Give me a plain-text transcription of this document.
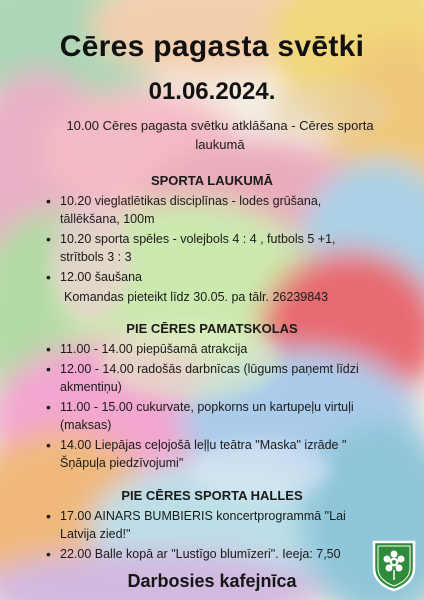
Cēres pagasta svētki
01.06.2024.
10.00 Cēres pagasta svētku atklāšana - Cēres sporta laukumā
SPORTA LAUKUMĀ
• 10.20 vieglatlētikas disciplīnas - lodes grūšana, tāllēkšana, 100m
• 10.20 sporta spēles - volejbols 4 : 4 , futbols 5 +1, strītbols 3 : 3
• 12.00 šaušana
Komandas pieteikt līdz 30.05. pa tālr. 26239843
PIE CĒRES PAMATSKOLAS
• 11.00 - 14.00 piepūšamā atrakcija
• 12.00 - 14.00 radošās darbnīcas (lūgums paņemt līdzi akmentiņu)
• 11.00 - 15.00 cukurvate, popkorns un kartupeļu virtuļi (maksas)
• 14.00 Liepājas ceļojošā leļļu teātra "Maska" izrāde " Šņāpuļa piedzīvojumi"
PIE CĒRES SPORTA HALLES
• 17.00 AINARS BUMBIERIS koncertprogrammā "Lai Latvija zied!"
• 22.00 Balle kopā ar "Lustīgo blumīzeri". Ieeja: 7,50
Darbosies kafejnīca
